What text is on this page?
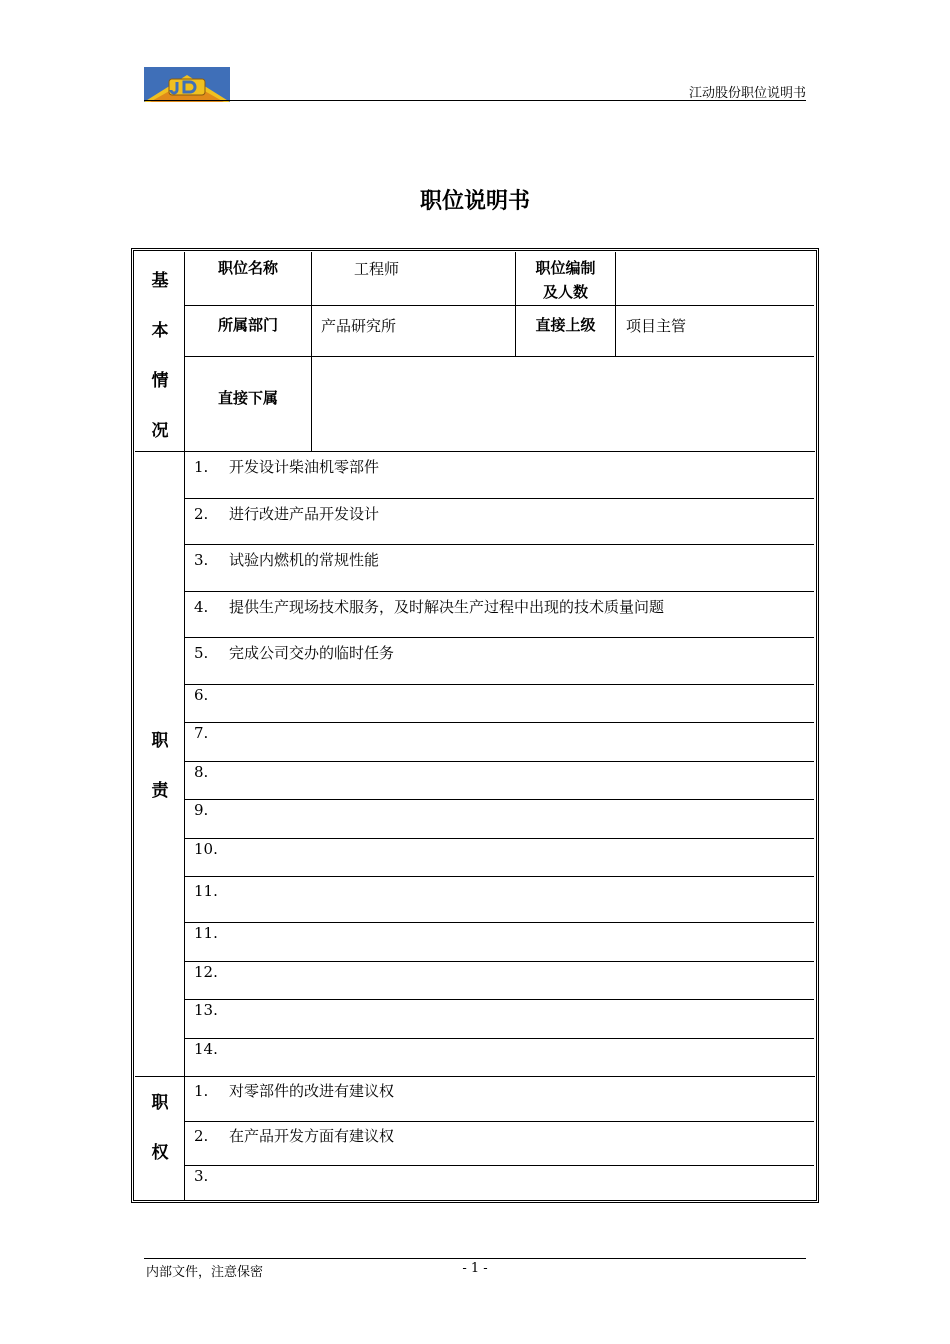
江动股份职位说明书
职位说明书
基
本
情
况
职位名称	工程师	职位编制
及人数
所属部门	产品研究所	直接上级	项目主管
直接下属
职
责
1. 开发设计柴油机零部件
2. 进行改进产品开发设计
3. 试验内燃机的常规性能
4. 提供生产现场技术服务，及时解决生产过程中出现的技术质量问题
5. 完成公司交办的临时任务
6.
7.
8.
9.
10.
11.
11.
12.
13.
14.
职
权
1. 对零部件的改进有建议权
2. 在产品开发方面有建议权
3.
内部文件，注意保密	- 1 -
